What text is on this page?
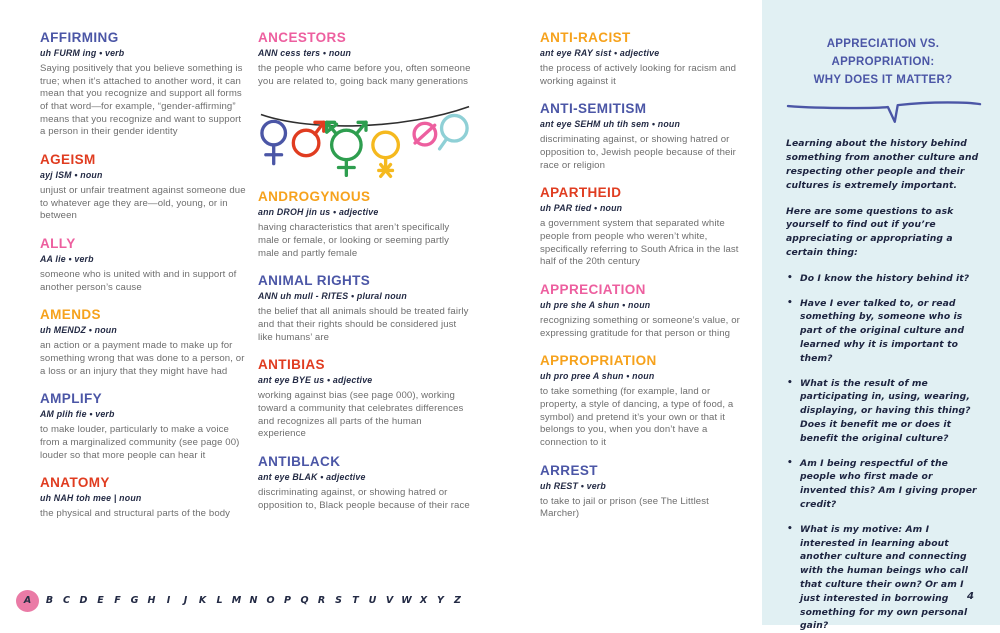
AFFIRMING
uh FURM ing • verb

Saying positively that you believe something is true; when it’s attached to another word, it can mean that you recognize and support all forms of that word—for example, “gender-affirming” means that you recognize and want to support a person in their gender identity

AGEISM
ayj ISM • noun

unjust or unfair treatment against someone due to whatever age they are—old, young, or in between

ALLY
AA lie • verb

someone who is united with and in support of another person’s cause

AMENDS
uh MENDZ • noun

an action or a payment made to make up for something wrong that was done to a person, or a loss or an injury that they might have had

AMPLIFY
AM plih fie • verb

to make louder, particularly to make a voice from a marginalized community (see page 00) louder so that more people can hear it

ANATOMY
uh NAH toh mee | noun

the physical and structural parts of the body

ANCESTORS
ANN cess ters • noun

the people who came before you, often someone you are related to, going back many generations

ANDROGYNOUS
ann DROH jin us • adjective

having characteristics that aren’t specifically male or female, or looking or seeming partly male and partly female

ANIMAL RIGHTS
ANN uh mull - RITES • plural noun

the belief that all animals should be treated fairly and that their rights should be considered just like humans’ are

ANTIBIAS
ant eye BYE us • adjective

working against bias (see page 000), working toward a community that celebrates differences and recognizes all parts of the human experience

ANTIBLACK
ant eye BLAK • adjective

discriminating against, or showing hatred or opposition to, Black people because of their race

ANTI-RACIST
ant eye RAY sist • adjective

the process of actively looking for racism and working against it

ANTI-SEMITISM
ant eye SEHM uh tih sem • noun

discriminating against, or showing hatred or opposition to, Jewish people because of their race or religion

APARTHEID
uh PAR tied • noun

a government system that separated white people from people who weren’t white, specifically referring to South Africa in the last half of the 20th century

APPRECIATION
uh pre she A shun • noun

recognizing something or someone’s value, or expressing gratitude for that person or thing

APPROPRIATION
uh pro pree A shun • noun

to take something (for example, land or property, a style of dancing, a type of food, a symbol) and pretend it’s your own or that it belongs to you, when you don’t have a connection to it

ARREST
uh REST • verb

to take to jail or prison (see The Littlest Marcher)

APPRECIATION VS.
APPROPRIATION:
WHY DOES IT MATTER?

Learning about the history behind something from another culture and respecting other people and their cultures is extremely important.

Here are some questions to ask yourself to find out if you’re appreciating or appropriating a certain thing:

• Do I know the history behind it?
• Have I ever talked to, or read something by, someone who is part of the original culture and learned why it is important to them?
• What is the result of me participating in, using, wearing, displaying, or having this thing? Does it benefit me or does it benefit the original culture?
• Am I being respectful of the people who first made or invented this? Am I giving proper credit?
• What is my motive: Am I interested in learning about another culture and connecting with the human beings who call that culture their own? Or am I just interested in borrowing something for my own personal gain?
A	B	C	D	E	F	G H	I	J	K	L M N O P Q R	S	T	U V W X	Y	Z	4
